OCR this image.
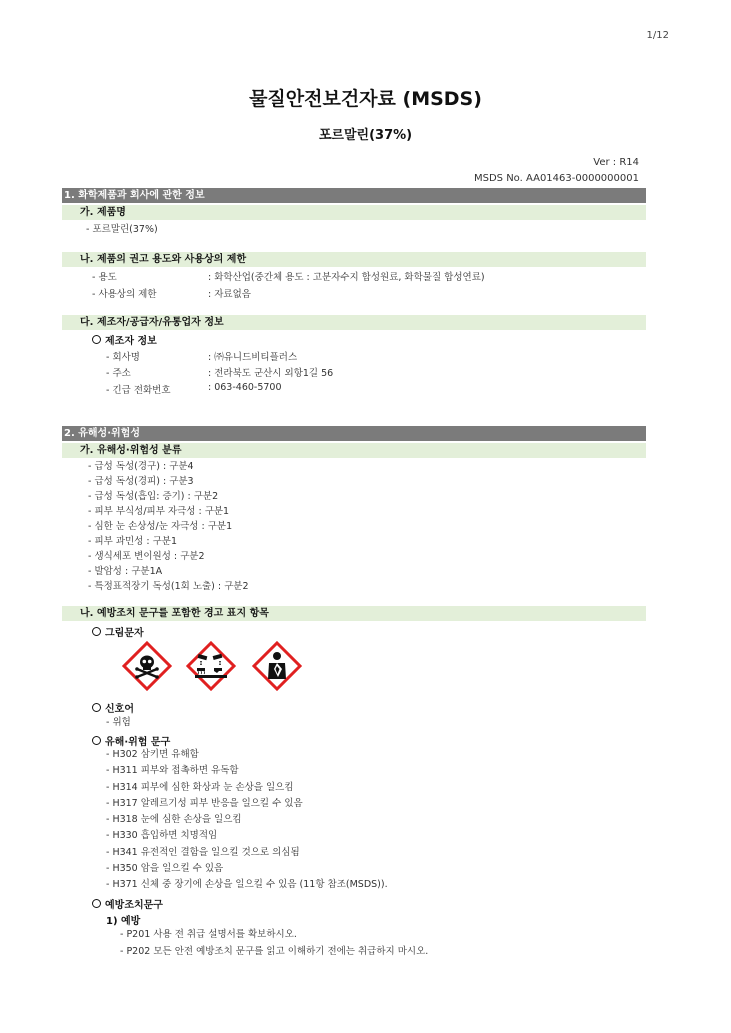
1/12
물질안전보건자료 (MSDS)
포르말린(37%)
Ver : R14
MSDS No. AA01463-0000000001
1. 화학제품과 회사에 관한 정보
가. 제품명
- 포르말린(37%)
나. 제품의 권고 용도와 사용상의 제한
- 용도	: 화학산업(중간체 용도 : 고분자수지 합성원료, 화학물질 합성연료)
- 사용상의 제한	: 자료없음
다. 제조자/공급자/유통업자 정보
제조자 정보
- 회사명	: ㈜유니드비티플러스
- 주소	: 전라북도 군산시 외항1길 56
- 긴급 전화번호	: 063-460-5700
2. 유해성·위험성
가. 유해성·위험성 분류
- 급성 독성(경구) : 구분4
- 급성 독성(경피) : 구분3
- 급성 독성(흡입: 증기) : 구분2
- 피부 부식성/피부 자극성 : 구분1
- 심한 눈 손상성/눈 자극성 : 구분1
- 피부 과민성 : 구분1
- 생식세포 변이원성 : 구분2
- 발암성 : 구분1A
- 특정표적장기 독성(1회 노출) : 구분2
나. 예방조치 문구를 포함한 경고 표지 항목
그림문자
신호어
- 위험
유해·위험 문구
- H302 삼키면 유해함
- H311 피부와 접촉하면 유독함
- H314 피부에 심한 화상과 눈 손상을 일으킴
- H317 알레르기성 피부 반응을 일으킬 수 있음
- H318 눈에 심한 손상을 일으킴
- H330 흡입하면 치명적임
- H341 유전적인 결함을 일으킬 것으로 의심됨
- H350 암을 일으킬 수 있음
- H371 신체 중 장기에 손상을 일으킬 수 있음 (11항 참조(MSDS)).
예방조치문구
1) 예방
- P201 사용 전 취급 설명서를 확보하시오.
- P202 모든 안전 예방조치 문구를 읽고 이해하기 전에는 취급하지 마시오.
